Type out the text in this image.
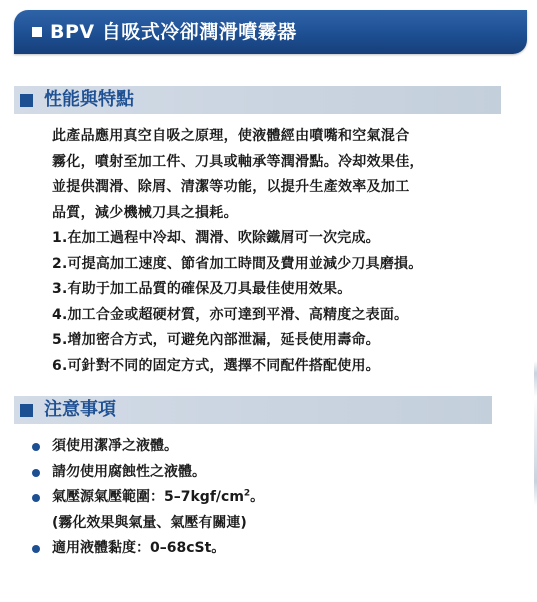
BPV 自吸式冷卻潤滑噴霧器
性能與特點

此產品應用真空自吸之原理，使液體經由噴嘴和空氣混合
霧化，噴射至加工件、刀具或軸承等潤滑點。冷却效果佳，
並提供潤滑、除屑、清潔等功能，以提升生產效率及加工
品質，減少機械刀具之損耗。

1.在加工過程中冷却、潤滑、吹除鐵屑可一次完成。
2.可提高加工速度、節省加工時間及費用並減少刀具磨損。
3.有助于加工品質的確保及刀具最佳使用效果。
4.加工合金或超硬材質，亦可達到平滑、高精度之表面。
5.增加密合方式，可避免內部泄漏，延長使用壽命。
6.可針對不同的固定方式，選擇不同配件搭配使用。
注意事項
須使用潔凈之液體。
請勿使用腐蝕性之液體。
氣壓源氣壓範圍：$5-7kgf/cm^2$。
(霧化效果與氣量、氣壓有關連)
適用液體黏度：0–68cSt。
